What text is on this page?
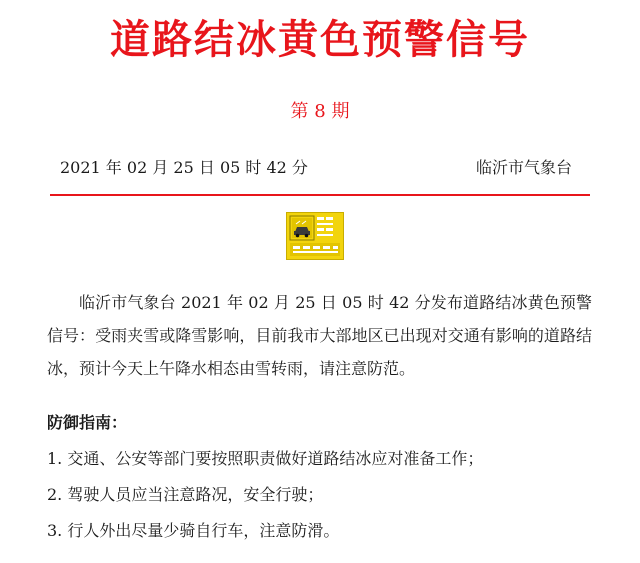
道路结冰黄色预警信号
第 8 期
2021 年 02 月 25 日 05 时 42 分	临沂市气象台

临沂市气象台 2021 年 02 月 25 日 05 时 42 分发布道路结冰黄色预警信号：受雨夹雪或降雪影响，目前我市大部地区已出现对交通有影响的道路结冰，预计今天上午降水相态由雪转雨，请注意防范。

防御指南：
1. 交通、公安等部门要按照职责做好道路结冰应对准备工作；
2. 驾驶人员应当注意路况，安全行驶；
3. 行人外出尽量少骑自行车，注意防滑。
